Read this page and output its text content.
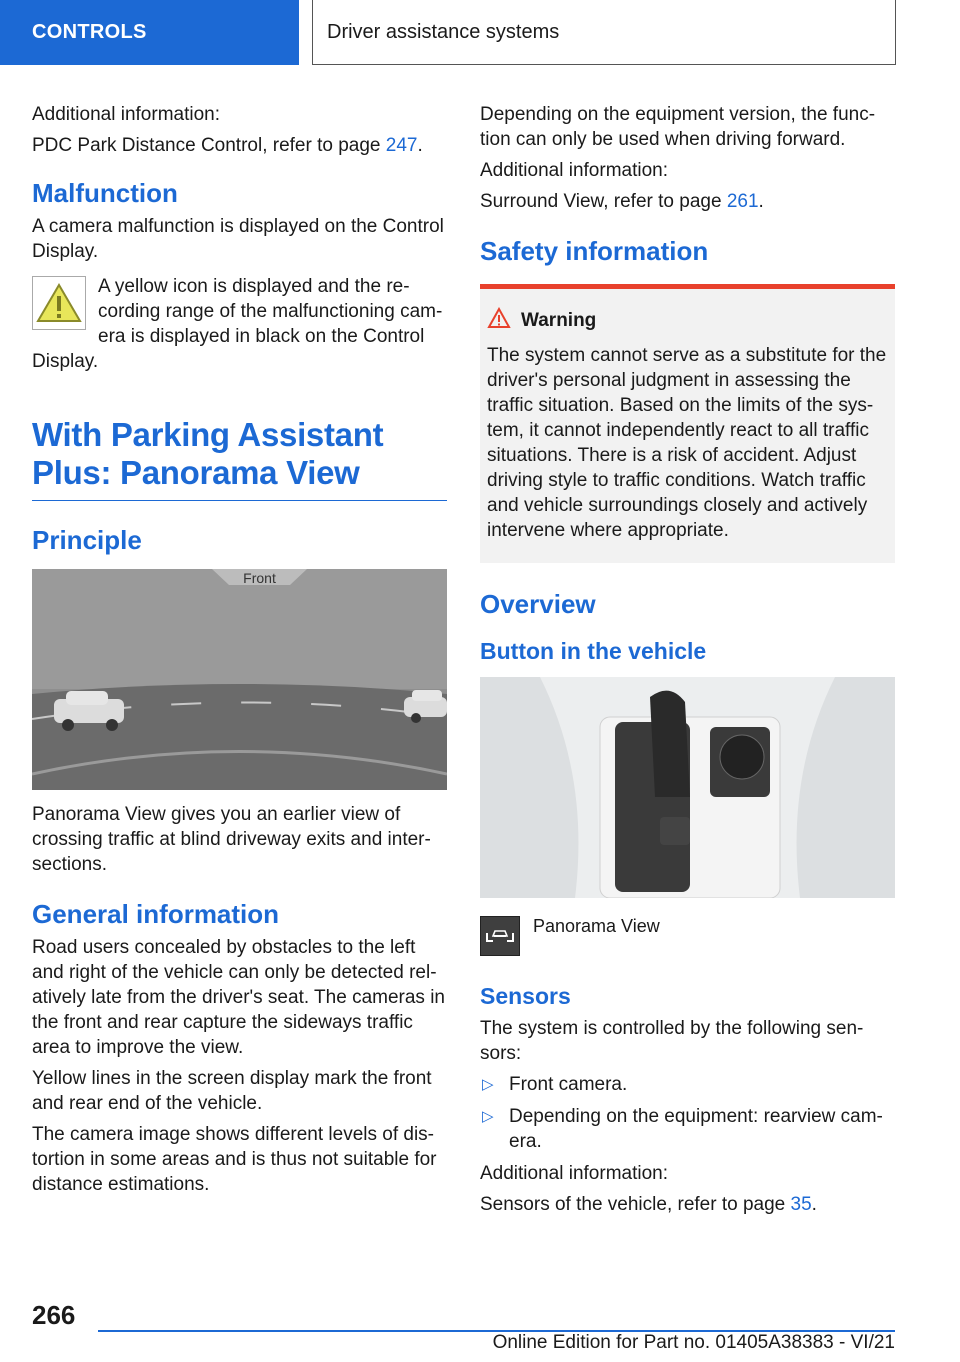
CONTROLS	Driver assistance systems

Additional information:

PDC Park Distance Control, refer to page 247.

Malfunction

A camera malfunction is displayed on the Control Display.

A yellow icon is displayed and the re-cording range of the malfunctioning cam-era is displayed in black on the Control Display.

With Parking Assistant Plus: Panorama View
Principle
Front

Panorama View gives you an earlier view of crossing traffic at blind driveway exits and inter-sections.

General information

Road users concealed by obstacles to the left and right of the vehicle can only be detected rel-atively late from the driver's seat. The cameras in the front and rear capture the sideways traffic area to improve the view.

Yellow lines in the screen display mark the front and rear end of the vehicle.

The camera image shows different levels of dis-tortion in some areas and is thus not suitable for distance estimations.

Depending on the equipment version, the func-tion can only be used when driving forward.

Additional information:

Surround View, refer to page 261.

Safety information
Warning

The system cannot serve as a substitute for the driver's personal judgment in assessing the traffic situation. Based on the limits of the sys-tem, it cannot independently react to all traffic situations. There is a risk of accident. Adjust driving style to traffic conditions. Watch traffic and vehicle surroundings closely and actively intervene where appropriate.

Overview
Button in the vehicle

Panorama View

Sensors

The system is controlled by the following sen-sors:

▷ Front camera.
▷ Depending on the equipment: rearview cam-era.

Additional information:

Sensors of the vehicle, refer to page 35.

266
Online Edition for Part no. 01405A38383 - VI/21
